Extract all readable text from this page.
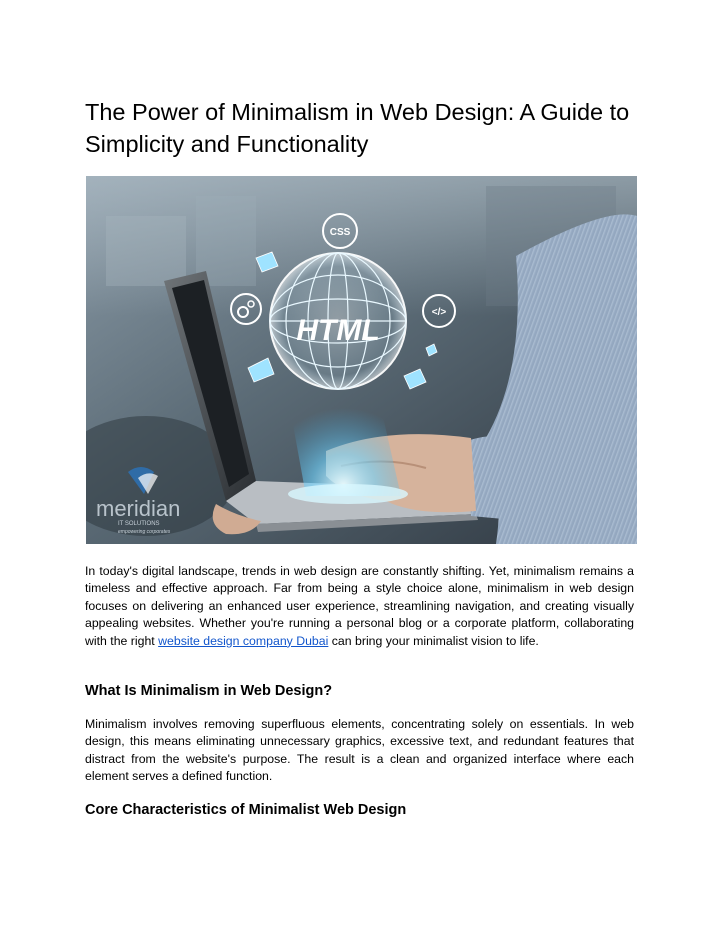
The Power of Minimalism in Web Design: A Guide to Simplicity and Functionality
HTML
CSS
</>
meridian
IT SOLUTIONS
empowering corporates

In today's digital landscape, trends in web design are constantly shifting. Yet, minimalism remains a timeless and effective approach. Far from being a style choice alone, minimalism in web design focuses on delivering an enhanced user experience, streamlining navigation, and creating visually appealing websites. Whether you're running a personal blog or a corporate platform, collaborating with the right website design company Dubai can bring your minimalist vision to life.

What Is Minimalism in Web Design?

Minimalism involves removing superfluous elements, concentrating solely on essentials. In web design, this means eliminating unnecessary graphics, excessive text, and redundant features that distract from the website's purpose. The result is a clean and organized interface where each element serves a defined function.

Core Characteristics of Minimalist Web Design
